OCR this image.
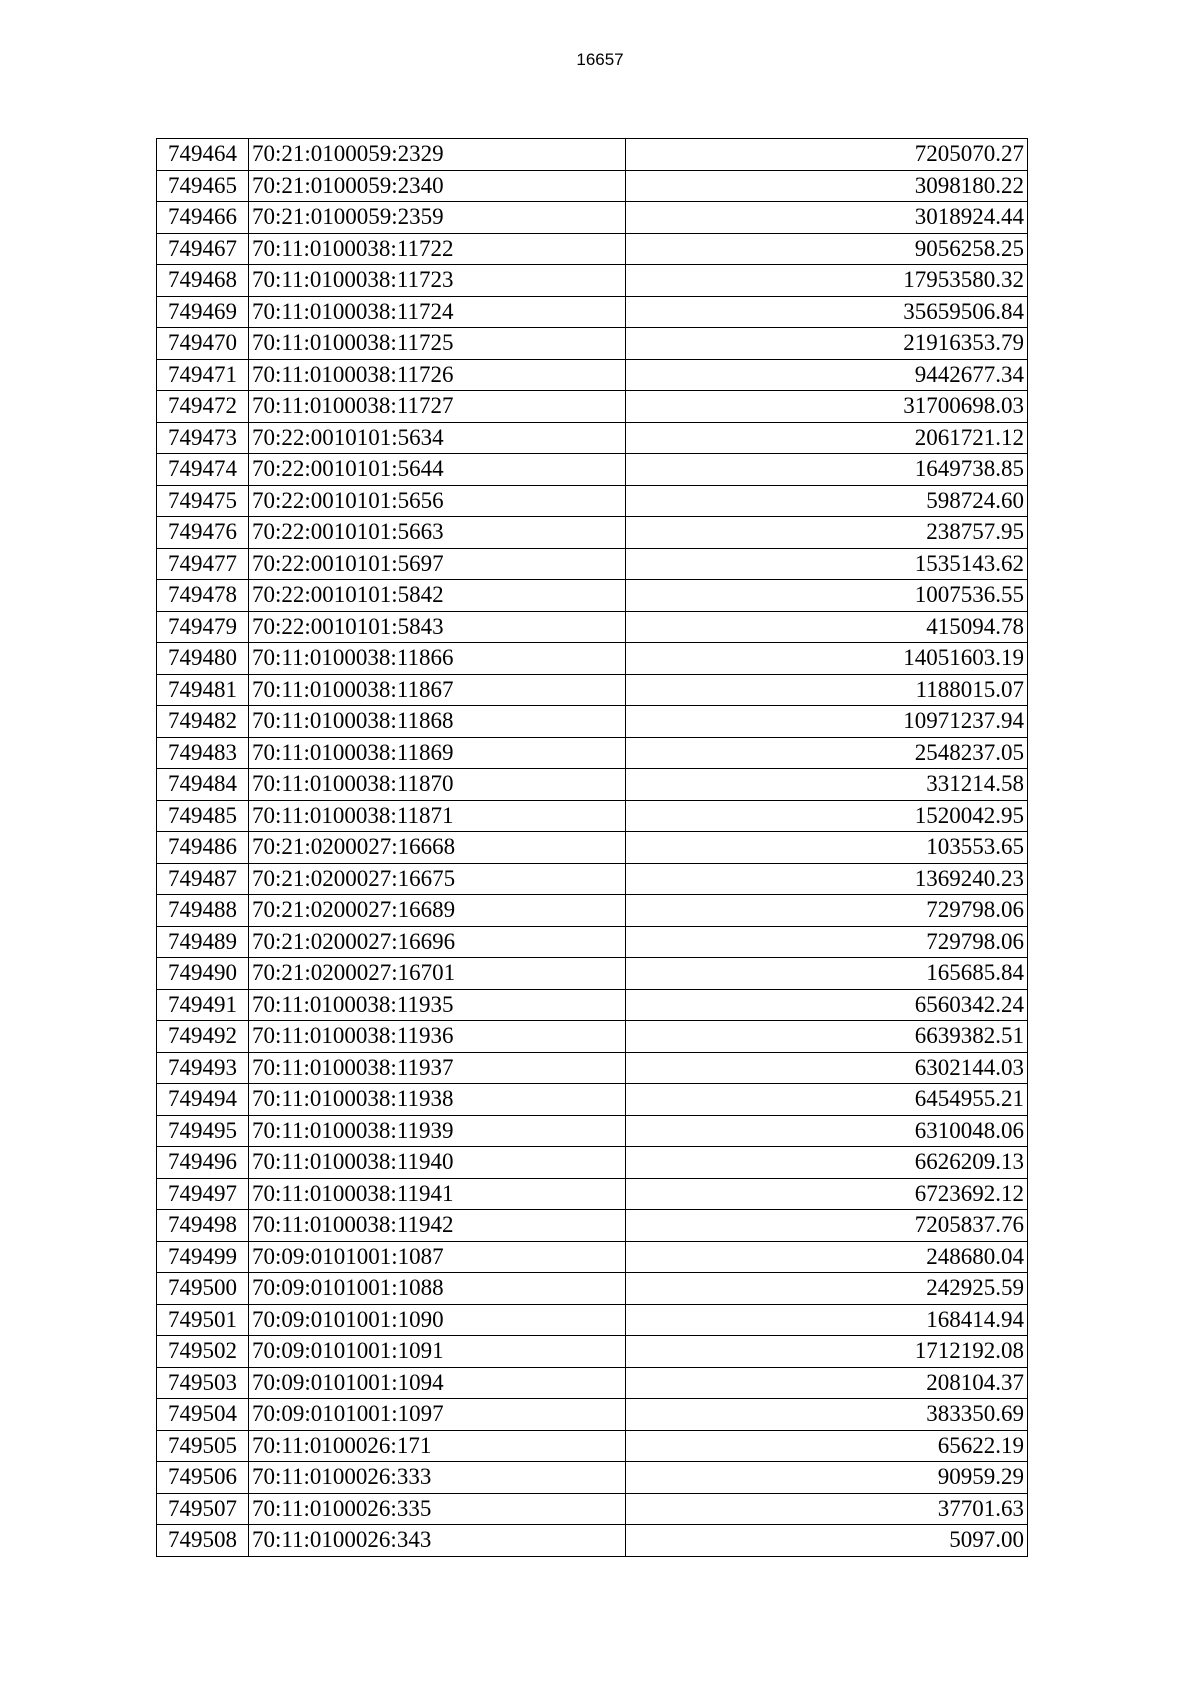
16657
749464	70:21:0100059:2329	7205070.27
749465	70:21:0100059:2340	3098180.22
749466	70:21:0100059:2359	3018924.44
749467	70:11:0100038:11722	9056258.25
749468	70:11:0100038:11723	17953580.32
749469	70:11:0100038:11724	35659506.84
749470	70:11:0100038:11725	21916353.79
749471	70:11:0100038:11726	9442677.34
749472	70:11:0100038:11727	31700698.03
749473	70:22:0010101:5634	2061721.12
749474	70:22:0010101:5644	1649738.85
749475	70:22:0010101:5656	598724.60
749476	70:22:0010101:5663	238757.95
749477	70:22:0010101:5697	1535143.62
749478	70:22:0010101:5842	1007536.55
749479	70:22:0010101:5843	415094.78
749480	70:11:0100038:11866	14051603.19
749481	70:11:0100038:11867	1188015.07
749482	70:11:0100038:11868	10971237.94
749483	70:11:0100038:11869	2548237.05
749484	70:11:0100038:11870	331214.58
749485	70:11:0100038:11871	1520042.95
749486	70:21:0200027:16668	103553.65
749487	70:21:0200027:16675	1369240.23
749488	70:21:0200027:16689	729798.06
749489	70:21:0200027:16696	729798.06
749490	70:21:0200027:16701	165685.84
749491	70:11:0100038:11935	6560342.24
749492	70:11:0100038:11936	6639382.51
749493	70:11:0100038:11937	6302144.03
749494	70:11:0100038:11938	6454955.21
749495	70:11:0100038:11939	6310048.06
749496	70:11:0100038:11940	6626209.13
749497	70:11:0100038:11941	6723692.12
749498	70:11:0100038:11942	7205837.76
749499	70:09:0101001:1087	248680.04
749500	70:09:0101001:1088	242925.59
749501	70:09:0101001:1090	168414.94
749502	70:09:0101001:1091	1712192.08
749503	70:09:0101001:1094	208104.37
749504	70:09:0101001:1097	383350.69
749505	70:11:0100026:171	65622.19
749506	70:11:0100026:333	90959.29
749507	70:11:0100026:335	37701.63
749508	70:11:0100026:343	5097.00
